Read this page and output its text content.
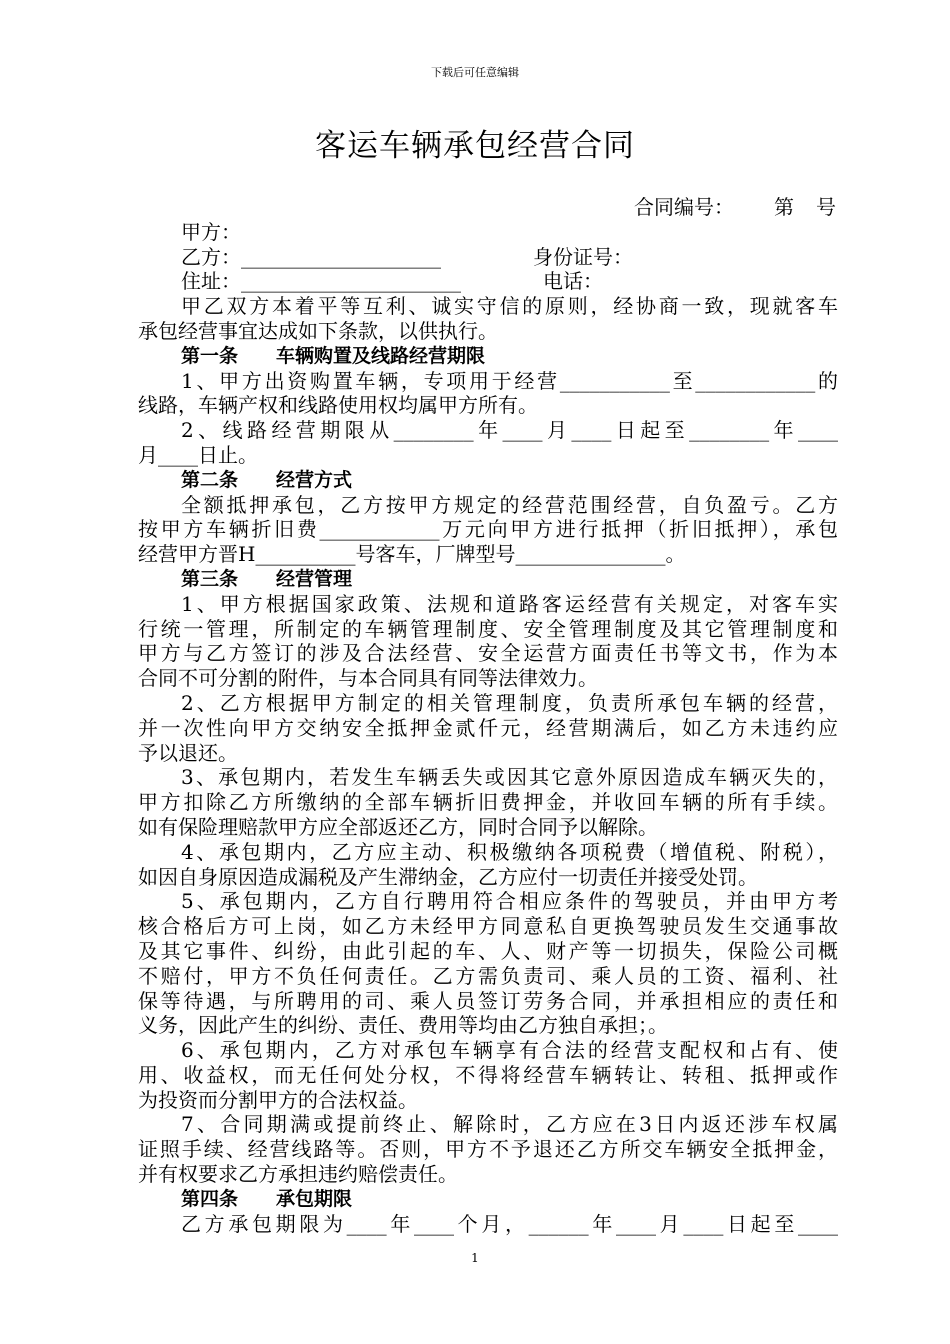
下载后可任意编辑
客运车辆承包经营合同
合同编号： 第 号
甲方：
乙方：____________________	身份证号：
住址：______________________	电话：
甲乙双方本着平等互利、诚实守信的原则，经协商一致，现就客车
承包经营事宜达成如下条款，以供执行。
第一条 车辆购置及线路经营期限
1、甲方出资购置车辆，专项用于经营___________至____________的
线路，车辆产权和线路使用权均属甲方所有。
2、线路经营期限从________年____月____日起至________年____
月____日止。
第二条 经营方式
全额抵押承包，乙方按甲方规定的经营范围经营，自负盈亏。乙方
按甲方车辆折旧费____________万元向甲方进行抵押（折旧抵押），承包
经营甲方晋H__________号客车，厂牌型号_______________。
第三条 经营管理
1、甲方根据国家政策、法规和道路客运经营有关规定，对客车实
行统一管理，所制定的车辆管理制度、安全管理制度及其它管理制度和
甲方与乙方签订的涉及合法经营、安全运营方面责任书等文书，作为本
合同不可分割的附件，与本合同具有同等法律效力。
2、乙方根据甲方制定的相关管理制度，负责所承包车辆的经营，
并一次性向甲方交纳安全抵押金贰仟元，经营期满后，如乙方未违约应
予以退还。
3、承包期内，若发生车辆丢失或因其它意外原因造成车辆灭失的，
甲方扣除乙方所缴纳的全部车辆折旧费押金，并收回车辆的所有手续。
如有保险理赔款甲方应全部返还乙方，同时合同予以解除。
4、承包期内，乙方应主动、积极缴纳各项税费（增值税、附税），
如因自身原因造成漏税及产生滞纳金，乙方应付一切责任并接受处罚。
5、承包期内，乙方自行聘用符合相应条件的驾驶员，并由甲方考
核合格后方可上岗，如乙方未经甲方同意私自更换驾驶员发生交通事故
及其它事件、纠纷，由此引起的车、人、财产等一切损失，保险公司概
不赔付，甲方不负任何责任。乙方需负责司、乘人员的工资、福利、社
保等待遇，与所聘用的司、乘人员签订劳务合同，并承担相应的责任和
义务，因此产生的纠纷、责任、费用等均由乙方独自承担；。
6、承包期内，乙方对承包车辆享有合法的经营支配权和占有、使
用、收益权，而无任何处分权，不得将经营车辆转让、转租、抵押或作
为投资而分割甲方的合法权益。
7、合同期满或提前终止、解除时，乙方应在3日内返还涉车权属
证照手续、经营线路等。否则，甲方不予退还乙方所交车辆安全抵押金，
并有权要求乙方承担违约赔偿责任。
第四条 承包期限
乙方承包期限为____年____个月，______年____月____日起至____
1
